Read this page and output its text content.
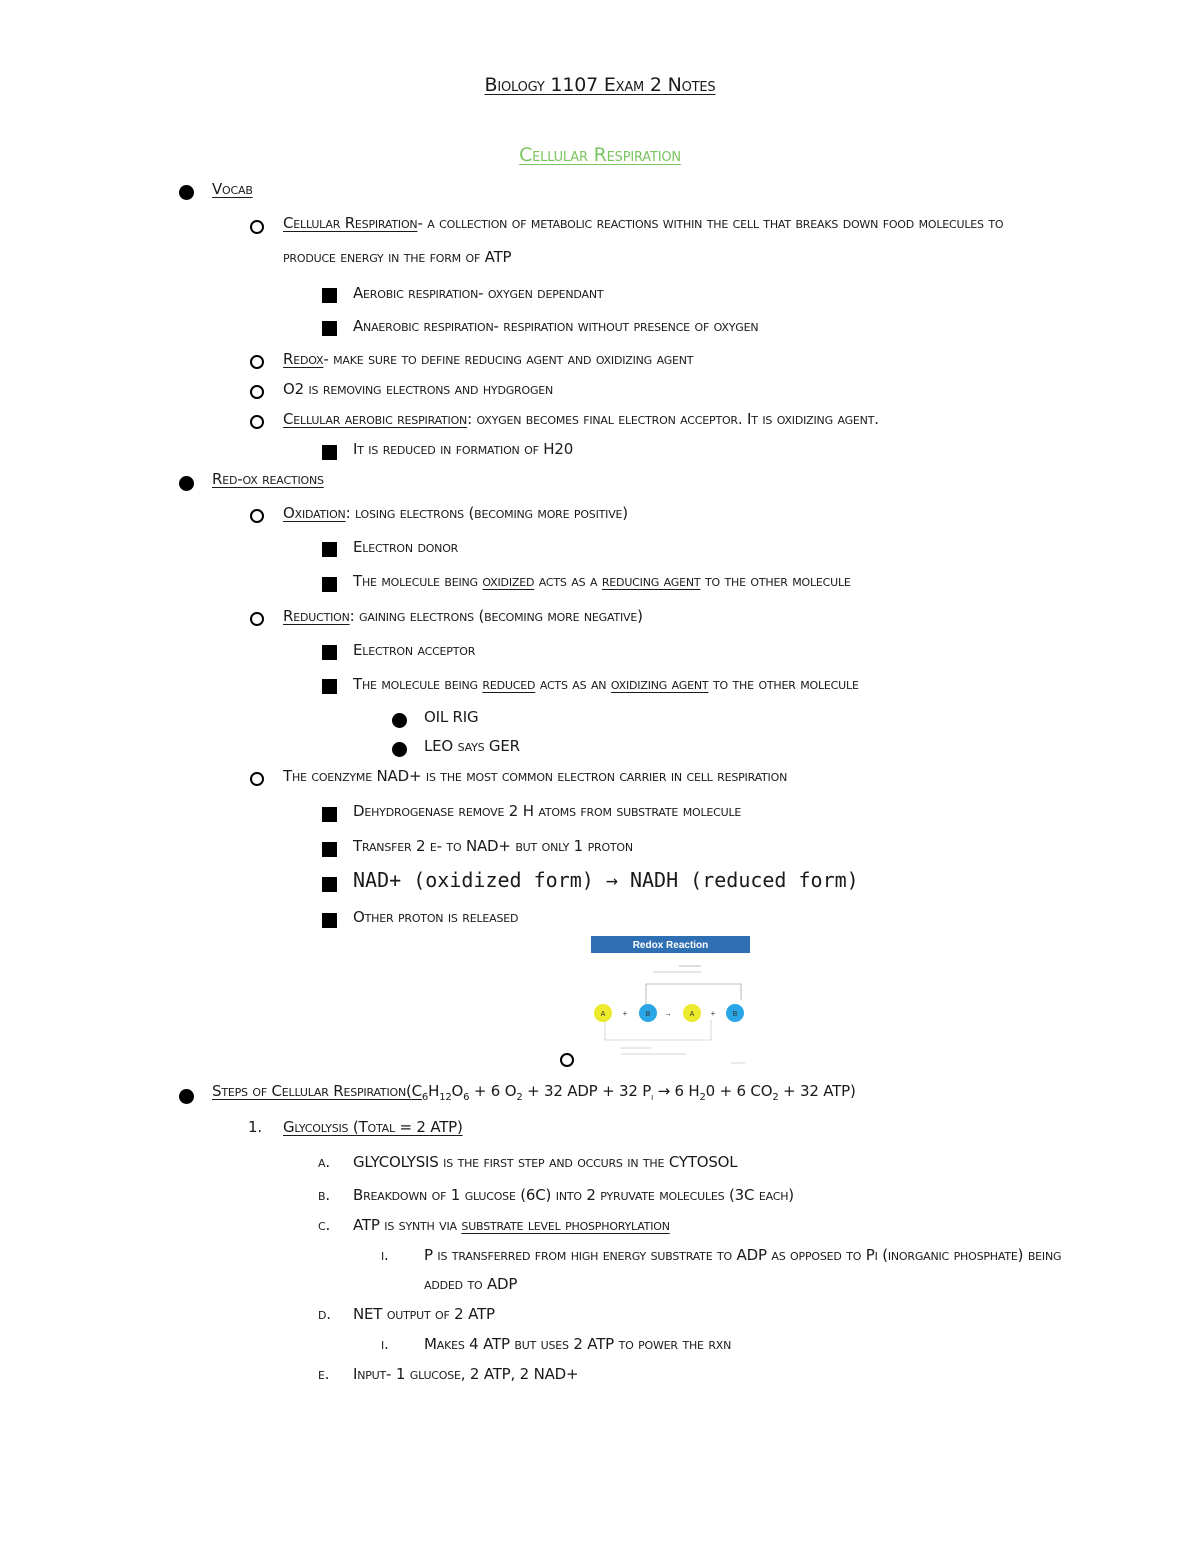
Biology 1107 Exam 2 Notes
Cellular Respiration
Vocab
Cellular Respiration- a collection of metabolic reactions within the cell that breaks down food molecules to
produce energy in the form of ATP
Aerobic respiration- oxygen dependant
Anaerobic respiration- respiration without presence of oxygen
Redox- make sure to define reducing agent and oxidizing agent
O2 is removing electrons and hydgrogen
Cellular aerobic respiration: oxygen becomes final electron acceptor. It is oxidizing agent.
It is reduced in formation of H20
Red-ox reactions
Oxidation: losing electrons (becoming more positive)
Electron donor
The molecule being oxidized acts as a reducing agent to the other molecule
Reduction: gaining electrons (becoming more negative)
Electron acceptor
The molecule being reduced acts as an oxidizing agent to the other molecule
OIL RIG
LEO says GER
The coenzyme NAD+ is the most common electron carrier in cell respiration
Dehydrogenase remove 2 H atoms from substrate molecule
Transfer 2 e- to NAD+ but only 1 proton
NAD+ (oxidized form) → NADH (reduced form)
Other proton is released
Redox Reaction
A +	B →	A + B
Steps of Cellular $Respiration(C_6H_{12}O_6 + 6$ $O_2 + 32$ ADP + 32 $P_i \to 6$ $H_20 + 6$ $CO_2 + 32$ ATP)
1. Glycolysis (Total = 2 ATP)
a. GLYCOLYSIS is the first step and occurs in the CYTOSOL
b. Breakdown of 1 glucose (6C) into 2 pyruvate molecules (3C each)
c. ATP is synth via substrate level phosphorylation
i. P is transferred from high energy substrate to ADP as opposed to Pi (inorganic phosphate) being
added to ADP
d. NET output of 2 ATP
i. Makes 4 ATP but uses 2 ATP to power the rxn
e. Input- 1 glucose, 2 ATP, 2 NAD+
